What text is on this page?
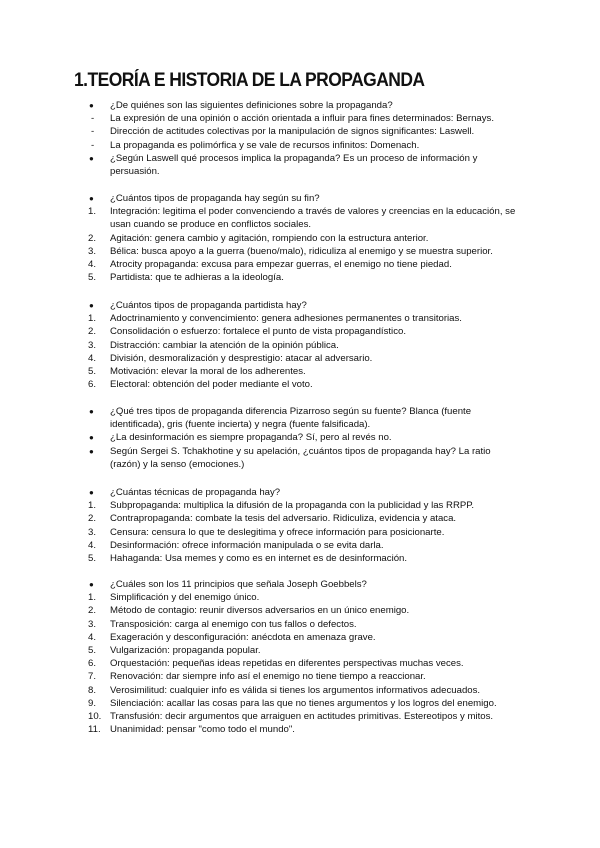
1.TEORÍA E HISTORIA DE LA PROPAGANDA
●	¿De quiénes son las siguientes definiciones sobre la propaganda?
-	La expresión de una opinión o acción orientada a influir para fines determinados: Bernays.
-	Dirección de actitudes colectivas por la manipulación de signos significantes: Laswell.
-	La propaganda es polimórfica y se vale de recursos infinitos: Domenach.
●	¿Según Laswell qué procesos implica la propaganda? Es un proceso de información y persuasión.
●	¿Cuántos tipos de propaganda hay según su fin?
1.	Integración: legitima el poder convenciendo a través de valores y creencias en la educación, se usan cuando se produce en conflictos sociales.
2.	Agitación: genera cambio y agitación, rompiendo con la estructura anterior.
3.	Bélica: busca apoyo a la guerra (bueno/malo), ridiculiza al enemigo y se muestra superior.
4.	Atrocity propaganda: excusa para empezar guerras, el enemigo no tiene piedad.
5.	Partidista: que te adhieras a la ideología.
●	¿Cuántos tipos de propaganda partidista hay?
1.	Adoctrinamiento y convencimiento: genera adhesiones permanentes o transitorias.
2.	Consolidación o esfuerzo: fortalece el punto de vista propagandístico.
3.	Distracción: cambiar la atención de la opinión pública.
4.	División, desmoralización y desprestigio: atacar al adversario.
5.	Motivación: elevar la moral de los adherentes.
6.	Electoral: obtención del poder mediante el voto.
●	¿Qué tres tipos de propaganda diferencia Pizarroso según su fuente? Blanca (fuente identificada), gris (fuente incierta) y negra (fuente falsificada).
●	¿La desinformación es siempre propaganda? Sí, pero al revés no.
●	Según Sergei S. Tchakhotine y su apelación, ¿cuántos tipos de propaganda hay? La ratio (razón) y la senso (emociones.)
●	¿Cuántas técnicas de propaganda hay?
1.	Subpropaganda: multiplica la difusión de la propaganda con la publicidad y las RRPP.
2.	Contrapropaganda: combate la tesis del adversario. Ridiculiza, evidencia y ataca.
3.	Censura: censura lo que te deslegitima y ofrece información para posicionarte.
4.	Desinformación: ofrece información manipulada o se evita darla.
5.	Hahaganda: Usa memes y como es en internet es de desinformación.
●	¿Cuáles son los 11 principios que señala Joseph Goebbels?
1.	Simplificación y del enemigo único.
2.	Método de contagio: reunir diversos adversarios en un único enemigo.
3.	Transposición: carga al enemigo con tus fallos o defectos.
4.	Exageración y desconfiguración: anécdota en amenaza grave.
5.	Vulgarización: propaganda popular.
6.	Orquestación: pequeñas ideas repetidas en diferentes perspectivas muchas veces.
7.	Renovación: dar siempre info así el enemigo no tiene tiempo a reaccionar.
8.	Verosimilitud: cualquier info es válida si tienes los argumentos informativos adecuados.
9.	Silenciación: acallar las cosas para las que no tienes argumentos y los logros del enemigo.
10. Transfusión: decir argumentos que arraiguen en actitudes primitivas. Estereotipos y mitos.
11. Unanimidad: pensar "como todo el mundo".
